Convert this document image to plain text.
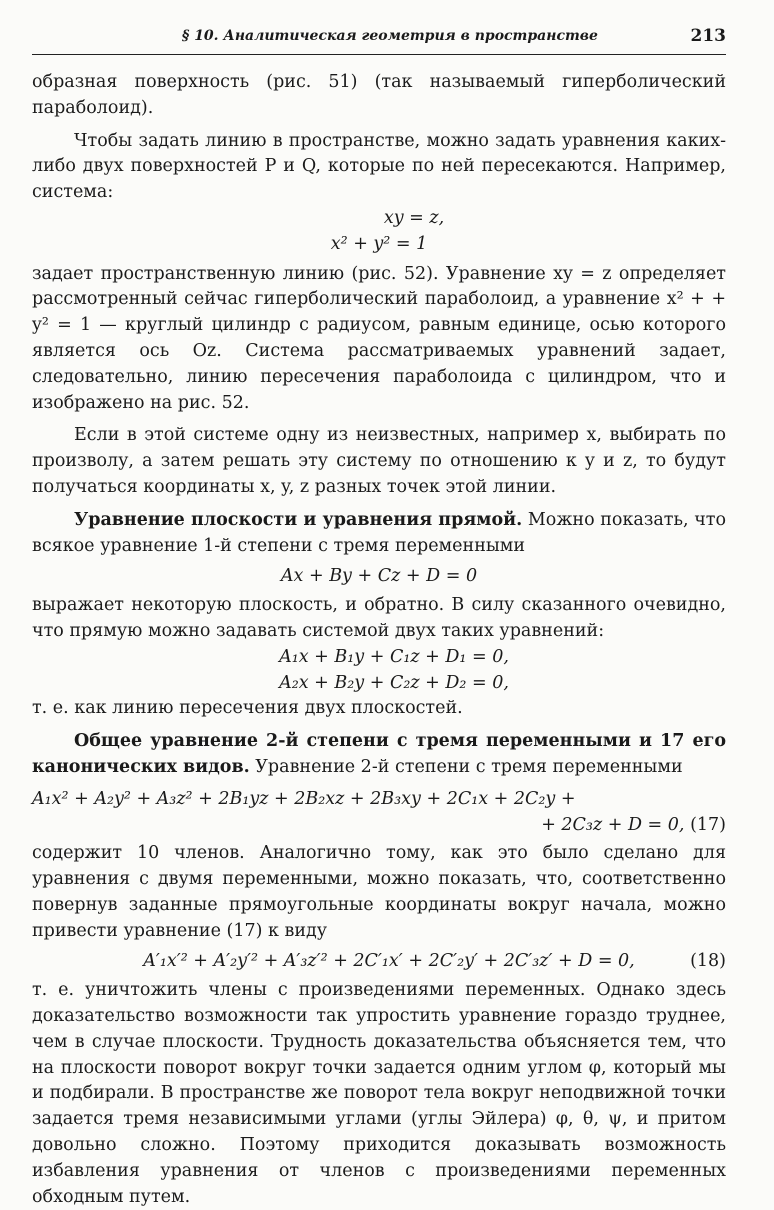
§ 10. Аналитическая геометрия в пространстве	213

образная поверхность (рис. 51) (так называемый гиперболический параболоид).

Чтобы задать линию в пространстве, можно задать уравнения каких-либо двух поверхностей P и Q, которые по ней пересекаются. Например, система:

xy = z,
x² + y² = 1

задает пространственную линию (рис. 52). Уравнение xy = z определяет рассмотренный сейчас гиперболический параболоид, а уравнение x² + + y² = 1 — круглый цилиндр с радиусом, равным единице, осью которого является ось Oz. Система рассматриваемых уравнений задает, следовательно, линию пересечения параболоида с цилиндром, что и изображено на рис. 52.

Если в этой системе одну из неизвестных, например x, выбирать по произволу, а затем решать эту систему по отношению к y и z, то будут получаться координаты x, y, z разных точек этой линии.

Уравнение плоскости и уравнения прямой. Можно показать, что всякое уравнение 1-й степени с тремя переменными

Ax + By + Cz + D = 0

выражает некоторую плоскость, и обратно. В силу сказанного очевидно, что прямую можно задавать системой двух таких уравнений:

A₁x + B₁y + C₁z + D₁ = 0,
A₂x + B₂y + C₂z + D₂ = 0,

т. е. как линию пересечения двух плоскостей.

Общее уравнение 2-й степени с тремя переменными и 17 его канонических видов. Уравнение 2-й степени с тремя переменными

A₁x² + A₂y² + A₃z² + 2B₁yz + 2B₂xz + 2B₃xy + 2C₁x + 2C₂y +
+ 2C₃z + D = 0, (17)

содержит 10 членов. Аналогично тому, как это было сделано для уравнения с двумя переменными, можно показать, что, соответственно повернув заданные прямоугольные координаты вокруг начала, можно привести уравнение (17) к виду

A′₁x′² + A′₂y′² + A′₃z′² + 2C′₁x′ + 2C′₂y′ + 2C′₃z′ + D = 0,	(18)

т. е. уничтожить члены с произведениями переменных. Однако здесь доказательство возможности так упростить уравнение гораздо труднее, чем в случае плоскости. Трудность доказательства объясняется тем, что на плоскости поворот вокруг точки задается одним углом φ, который мы и подбирали. В пространстве же поворот тела вокруг неподвижной точки задается тремя независимыми углами (углы Эйлера) φ, θ, ψ, и притом довольно сложно. Поэтому приходится доказывать возможность избавления уравнения от членов с произведениями переменных обходным путем.
